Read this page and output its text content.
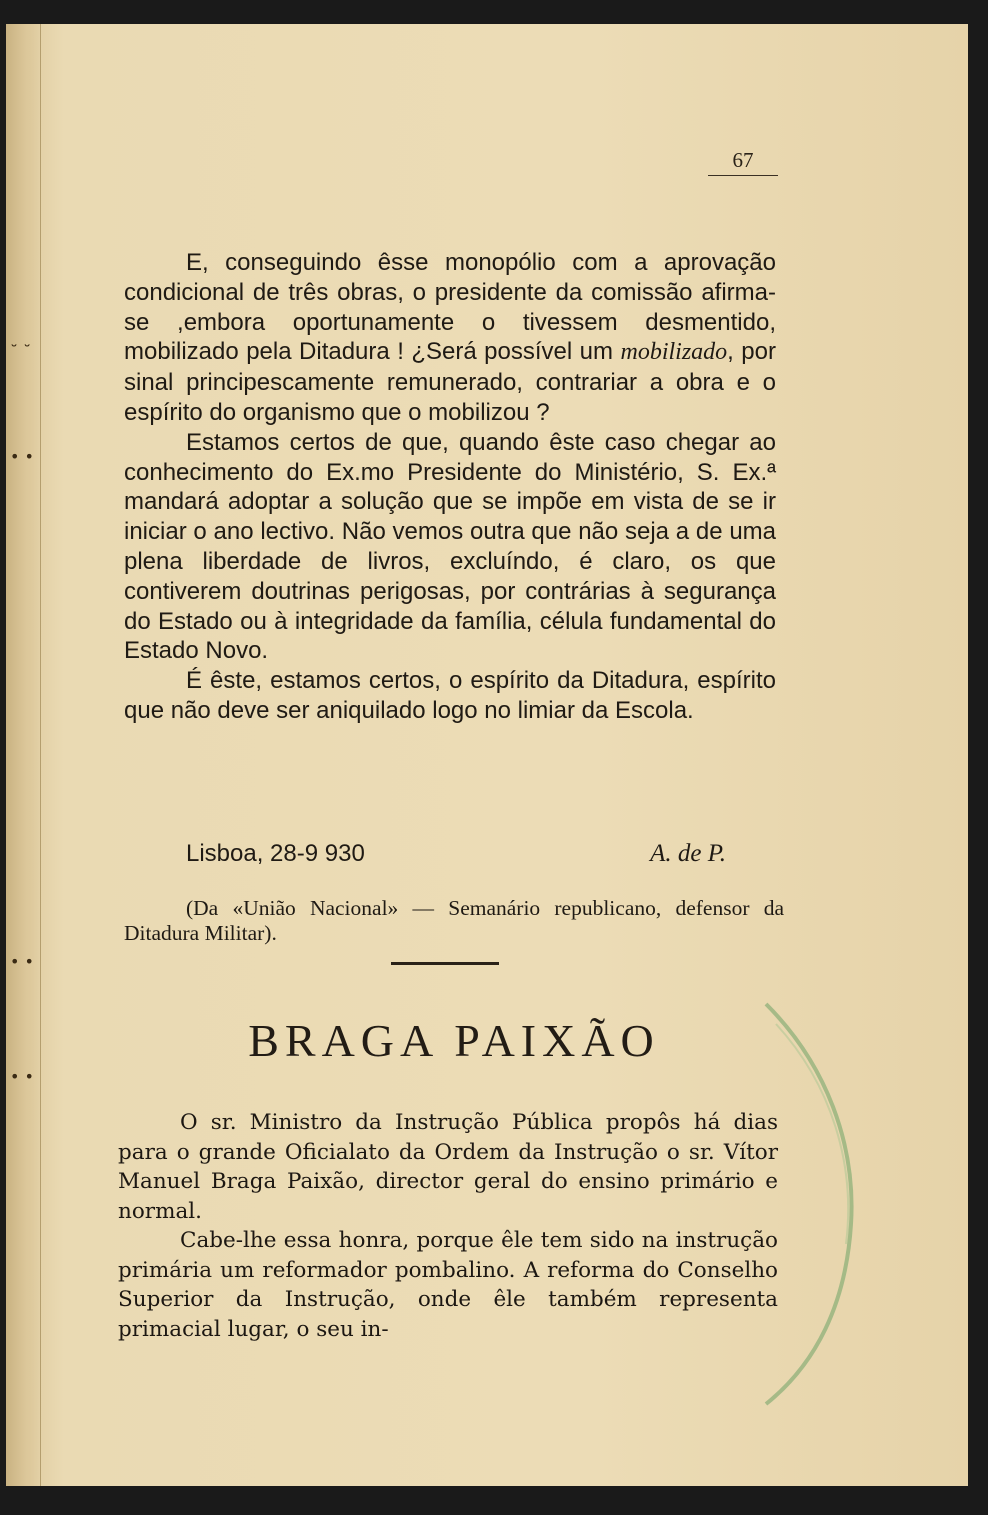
˘ ˘
• •
• •
• •
67

E, conseguindo êsse monopólio com a aprovação condicional de três obras, o presidente da comissão afirma-se ,embora oportunamente o tivessem desmentido, mobilizado pela Ditadura ! ¿Será possível um mobilizado, por sinal principescamente remunerado, contrariar a obra e o espírito do organismo que o mobilizou ?

Estamos certos de que, quando êste caso chegar ao conhecimento do Ex.mo Presidente do Ministério, S. Ex.ª mandará adoptar a solução que se impõe em vista de se ir iniciar o ano lectivo. Não vemos outra que não seja a de uma plena liberdade de livros, excluíndo, é claro, os que contiverem doutrinas perigosas, por contrárias à segurança do Estado ou à integridade da família, célula fundamental do Estado Novo.

É êste, estamos certos, o espírito da Ditadura, espírito que não deve ser aniquilado logo no limiar da Escola.

Lisboa, 28-9 930	A. de P.
(Da «União Nacional» — Semanário republicano, defensor da Ditadura Militar).
BRAGA PAIXÃO

O sr. Ministro da Instrução Pública propôs há dias para o grande Oficialato da Ordem da Instrução o sr. Vítor Manuel Braga Paixão, director geral do ensino primário e normal.

Cabe-lhe essa honra, porque êle tem sido na instrução primária um reformador pombalino. A reforma do Conselho Superior da Instrução, onde êle também representa primacial lugar, o seu in-
